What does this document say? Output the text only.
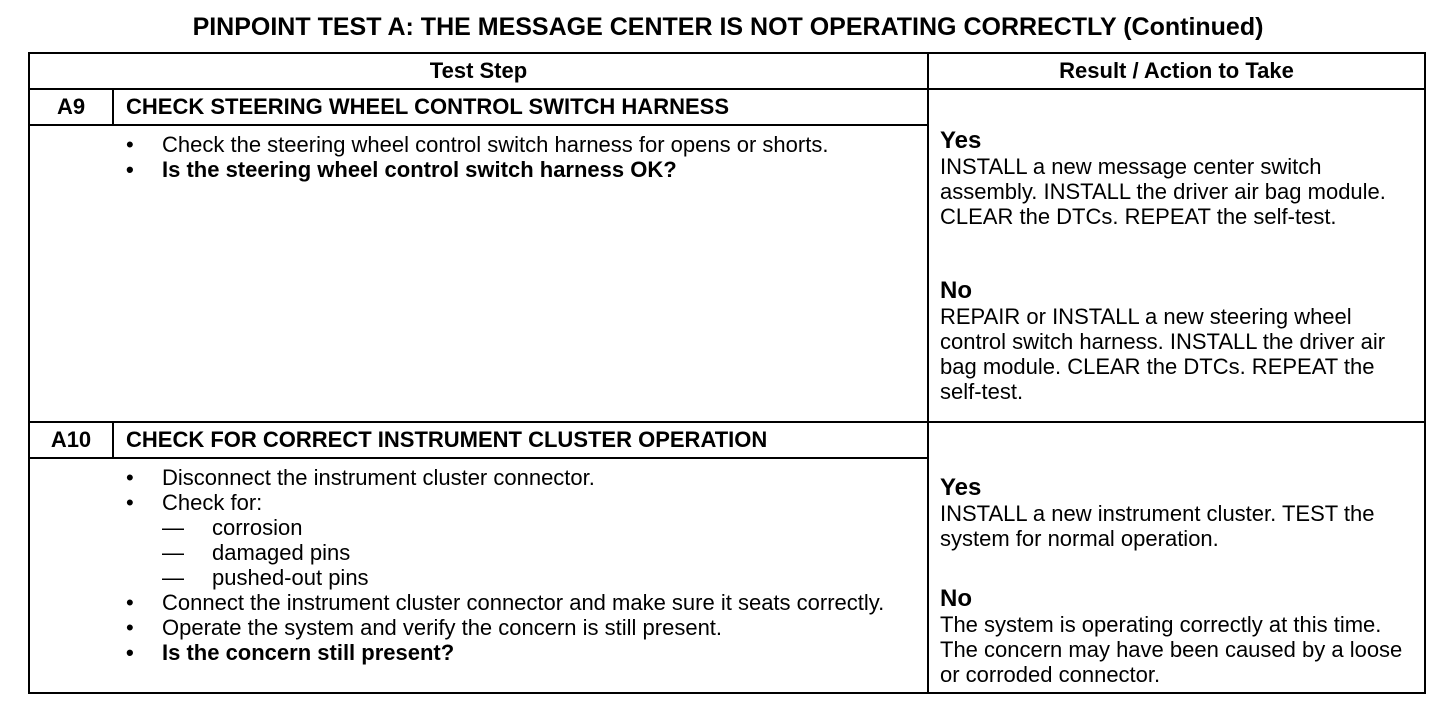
PINPOINT TEST A: THE MESSAGE CENTER IS NOT OPERATING CORRECTLY (Continued)
Test Step	Result / Action to Take
A9	CHECK STEERING WHEEL CONTROL SWITCH HARNESS
• Check the steering wheel control switch harness for opens or shorts.
• Is the steering wheel control switch harness OK?
Yes

INSTALL a new message center switch assembly. INSTALL the driver air bag module. CLEAR the DTCs. REPEAT the self-test.

No

REPAIR or INSTALL a new steering wheel control switch harness. INSTALL the driver air bag module. CLEAR the DTCs. REPEAT the self-test.

A10	CHECK FOR CORRECT INSTRUMENT CLUSTER OPERATION
• Disconnect the instrument cluster connector.
• Check for:
— corrosion
— damaged pins
— pushed-out pins
• Connect the instrument cluster connector and make sure it seats correctly.
• Operate the system and verify the concern is still present.
• Is the concern still present?
Yes

INSTALL a new instrument cluster. TEST the system for normal operation.

No

The system is operating correctly at this time. The concern may have been caused by a loose or corroded connector.
